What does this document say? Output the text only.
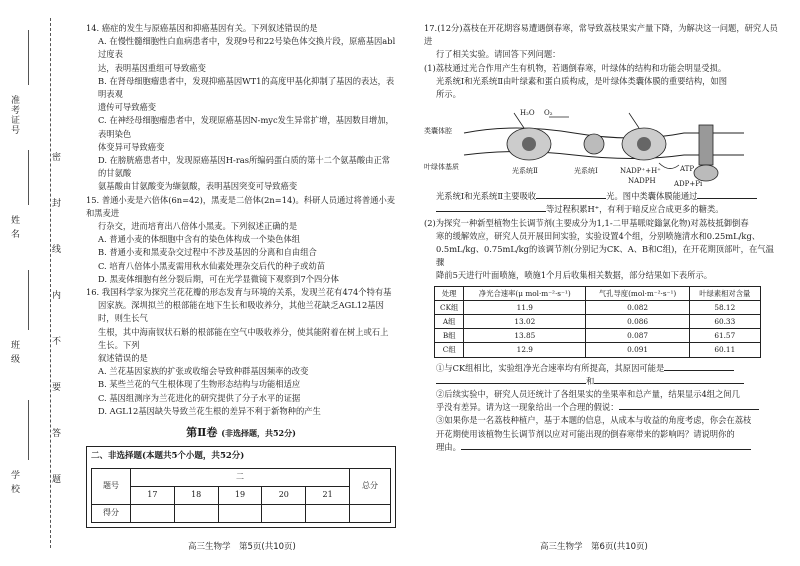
学 校
班 级
姓 名
准考证号
密
封
线
内
不
要
答
题

14. 癌症的发生与原癌基因和抑癌基因有关。下列叙述错误的是

A. 在慢性髓细胞性白血病患者中，发现9号和22号染色体交换片段，原癌基因abl过度表

达，表明基因重组可导致癌变

B. 在肾母细胞瘤患者中，发现抑癌基因WT1的高度甲基化抑制了基因的表达，表明表观

遗传可导致癌变

C. 在神经母细胞瘤患者中，发现原癌基因N-myc发生异常扩增，基因数目增加，表明染色

体变异可导致癌变

D. 在膀胱癌患者中，发现原癌基因H-ras所编码蛋白质的第十二个氨基酸由正常的甘氨酸

氨基酸由甘氨酸变为缬氨酸，表明基因突变可导致癌变

15. 普通小麦是六倍体(6n=42)，黑麦是二倍体(2n=14)。科研人员通过将普通小麦和黑麦进

行杂交，进而培育出八倍体小黑麦。下列叙述正确的是

A. 普通小麦的体细胞中含有的染色体构成一个染色体组

B. 普通小麦和黑麦杂交过程中不涉及基因的分离和自由组合

C. 培育八倍体小黑麦需用秋水仙素处理杂交后代的种子或幼苗

D. 黑麦体细胞有丝分裂后期，可在光学显微镜下观察到7个四分体

16. 我国科学家为探究兰花花瓣的形态发育与环境的关系，发现兰花有474个特有基

因家族。深圳拟兰的根部能在地下生长和吸收养分，其他兰花缺乏AGL12基因时，则生长气

生根，其中海南钗状石斛的根部能在空气中吸收养分，使其能附着在树上或石上生长。下列

叙述错误的是

A. 兰花基因家族的扩张或收缩会导致种群基因频率的改变

B. 某些兰花的气生根体现了生物形态结构与功能相适应

C. 基因组测序为兰花进化的研究提供了分子水平的证据

D. AGL12基因缺失导致兰花生根的差异不利于新物种的产生

第Ⅱ卷 (非选择题，共52分)
二、非选择题(本题共5个小题，共52分)
题号	二					总分
	17	18	19	20	21	
得分						

17.(12分)荔枝在开花期容易遭遇倒春寒，常导致荔枝果实产量下降，为解决这一问题，研究人员进

行了相关实验。请回答下列问题：

(1)荔枝通过光合作用产生有机物，若遇倒春寒，叶绿体的结构和功能会明显受损。

光系统Ⅰ和光系统Ⅱ由叶绿素和蛋白质构成，是叶绿体类囊体膜的重要结构，如图

所示。

类囊体腔
叶绿体基质	光系统Ⅱ	光系统Ⅰ	NADP⁺+H⁺
NADPH
ATP
ADP+Pi
O₂
H₂O

光系统Ⅰ和光系统Ⅱ主要吸收	光。图中类囊体膜能通过

等过程积累H⁺，有利于暗反应合成更多的糖类。

(2)为探究一种新型植物生长调节剂(主要成分为1,1-二甲基哌啶鎓氯化物)对荔枝抵御倒春

寒的缓解效应，研究人员开展田间实验，实验设置4个组，分别喷施清水和0.25mL/kg、

0.5mL/kg、0.75mL/kg的该调节剂(分别记为CK、A、B和C组)，在开花期顶部叶，在气温骤

降前5天进行叶面喷施，喷施1个月后收集相关数据，部分结果如下表所示。

处理	净光合速率(μ mol·m⁻²·s⁻¹)	气孔导度(mol·m⁻²·s⁻¹)	叶绿素相对含量
CK组	11.9	0.082	58.12
A组	13.02	0.086	60.33
B组	13.85	0.087	61.57
C组	12.9	0.091	60.11

①与CK组相比，实验组净光合速率均有所提高，其原因可能是

和

②后续实验中，研究人员还统计了各组果实的坐果率和总产量，结果显示4组之间几

乎没有差异。请为这一现象给出一个合理的假说：

③如果你是一名荔枝种植户，基于本题的信息，从成本与收益的角度考虑，你会在荔枝

开花期使用该植物生长调节剂以应对可能出现的倒春寒带来的影响吗？请说明你的

理由。

高三生物学　第5页(共10页)	高三生物学　第6页(共10页)
